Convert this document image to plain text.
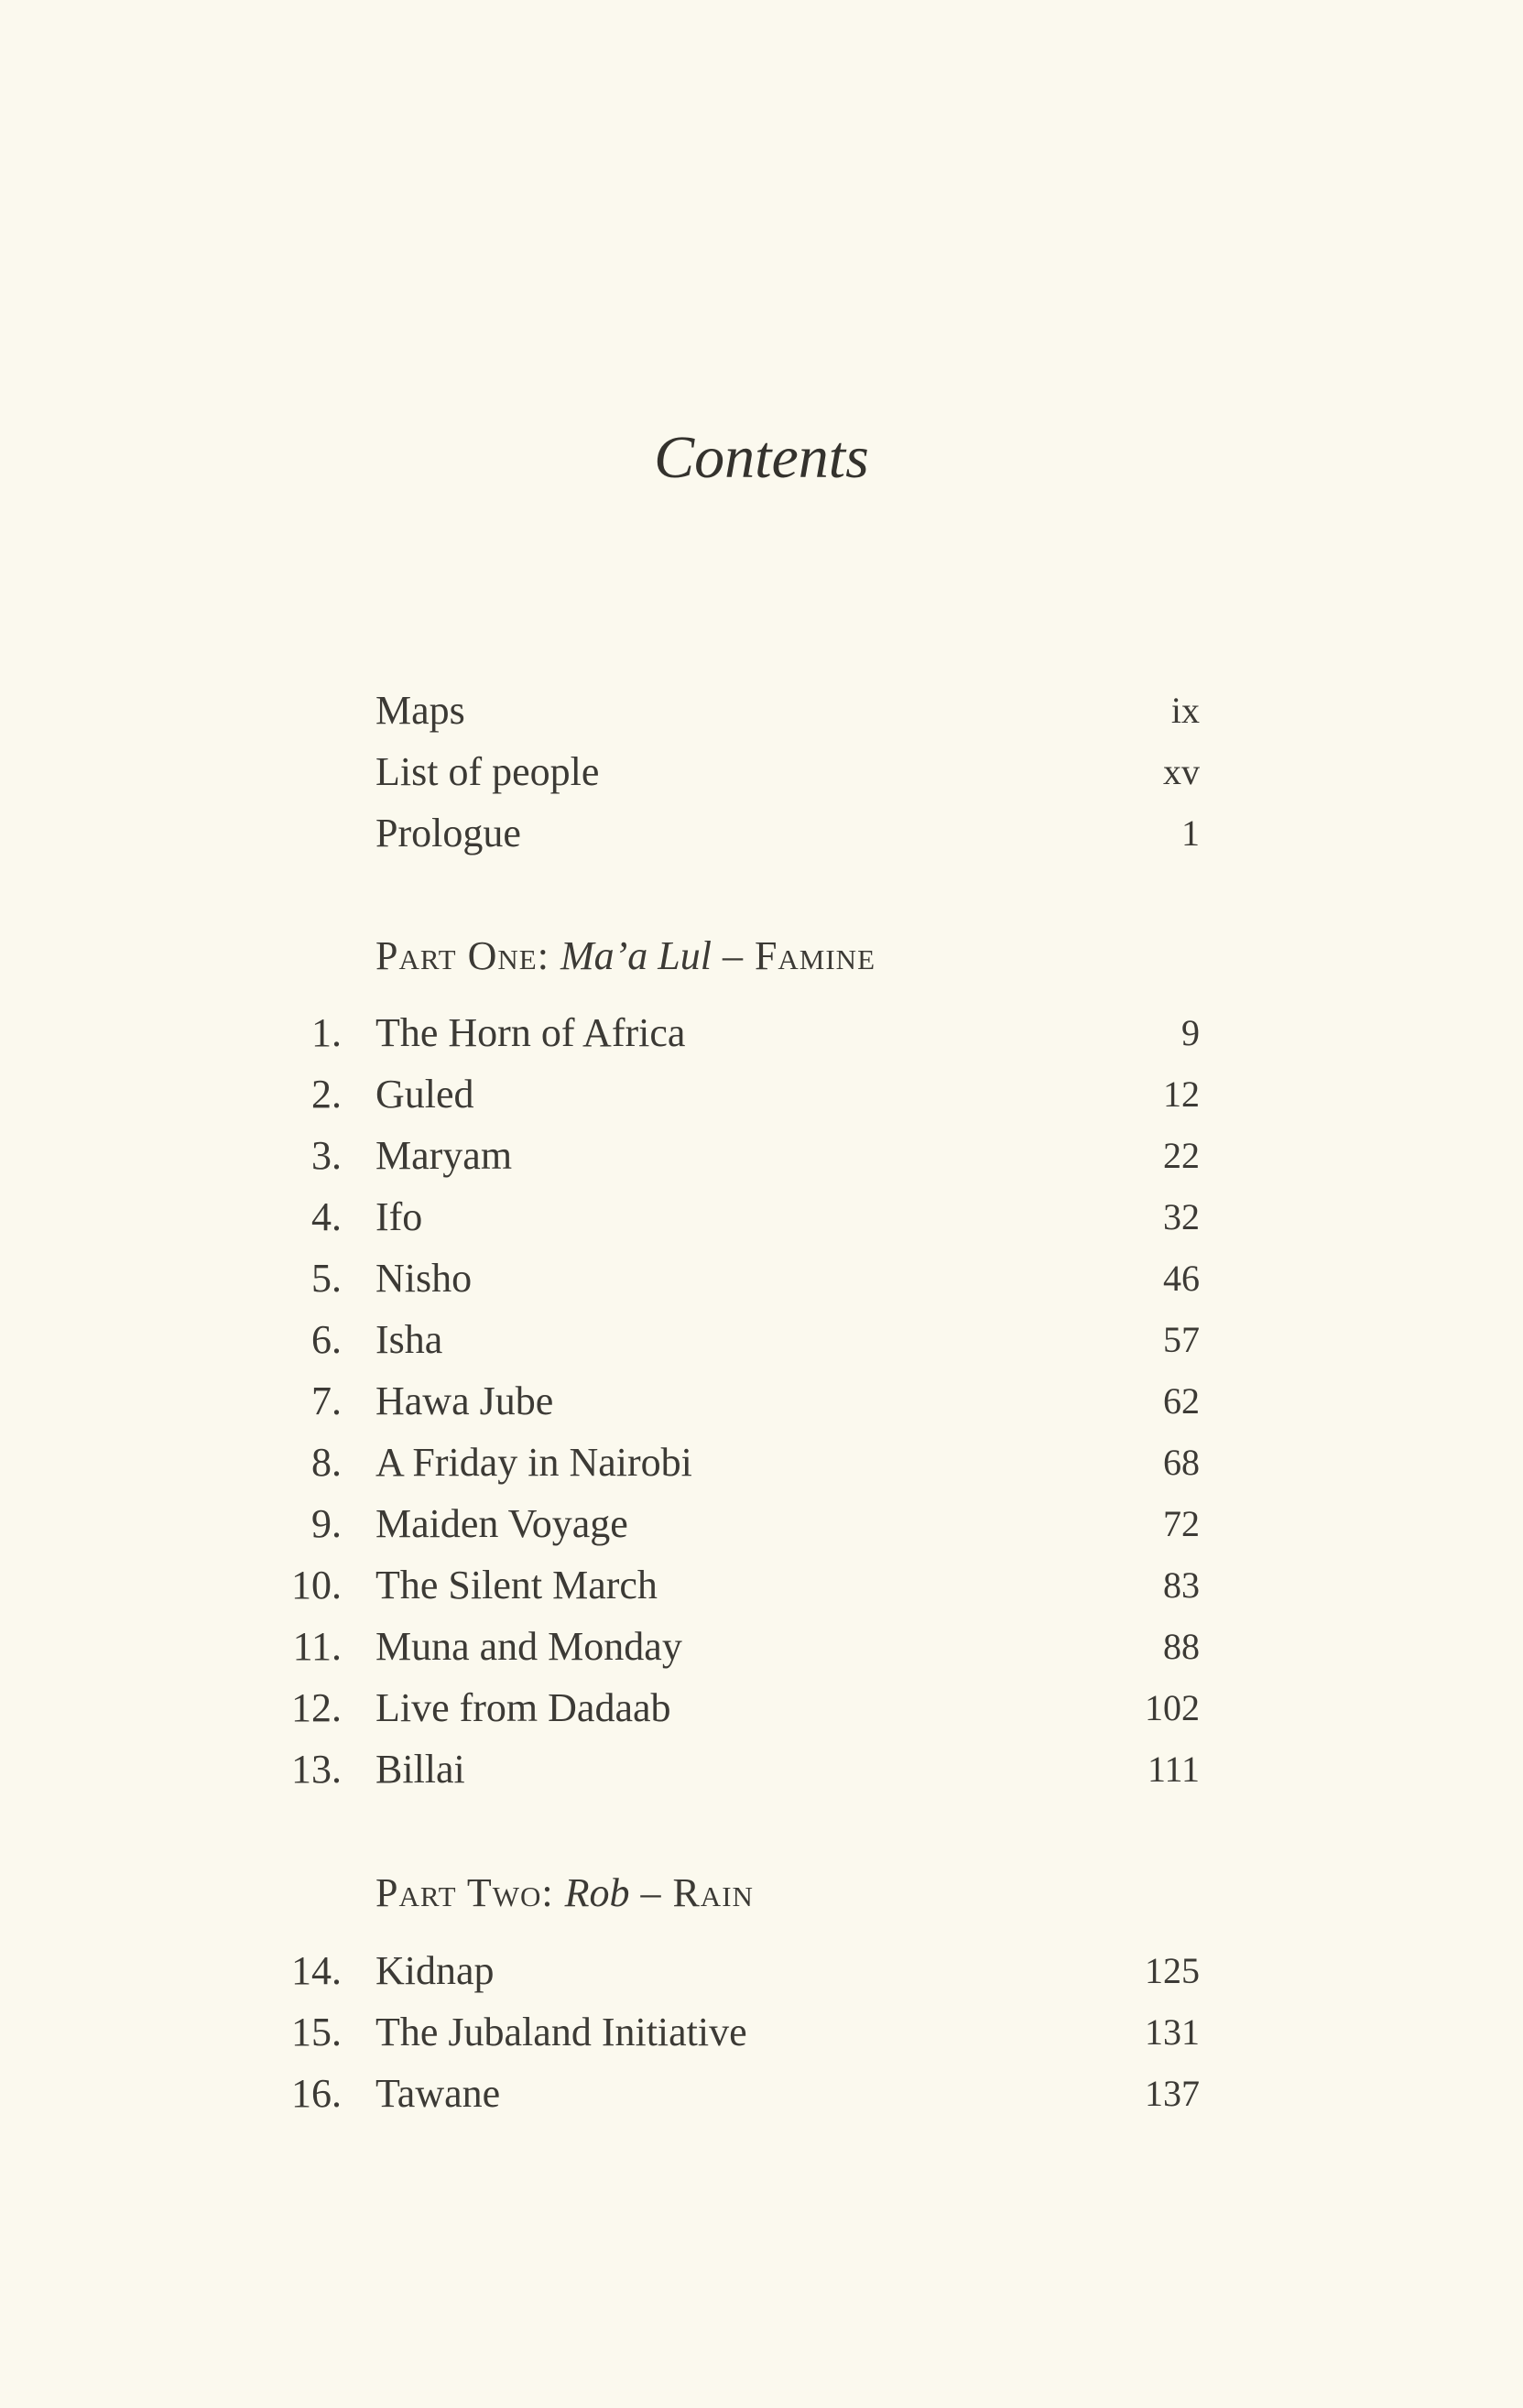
Contents
Maps	ix
List of people	xv
Prologue	1
Part One: Ma’a Lul – Famine
1. The Horn of Africa	9
2. Guled	12
3. Maryam	22
4. Ifo	32
5. Nisho	46
6. Isha	57
7. Hawa Jube	62
8. A Friday in Nairobi	68
9. Maiden Voyage	72
10. The Silent March	83
11. Muna and Monday	88
12. Live from Dadaab	102
13. Billai	111
Part Two: Rob – Rain
14. Kidnap	125
15. The Jubaland Initiative	131
16. Tawane	137
